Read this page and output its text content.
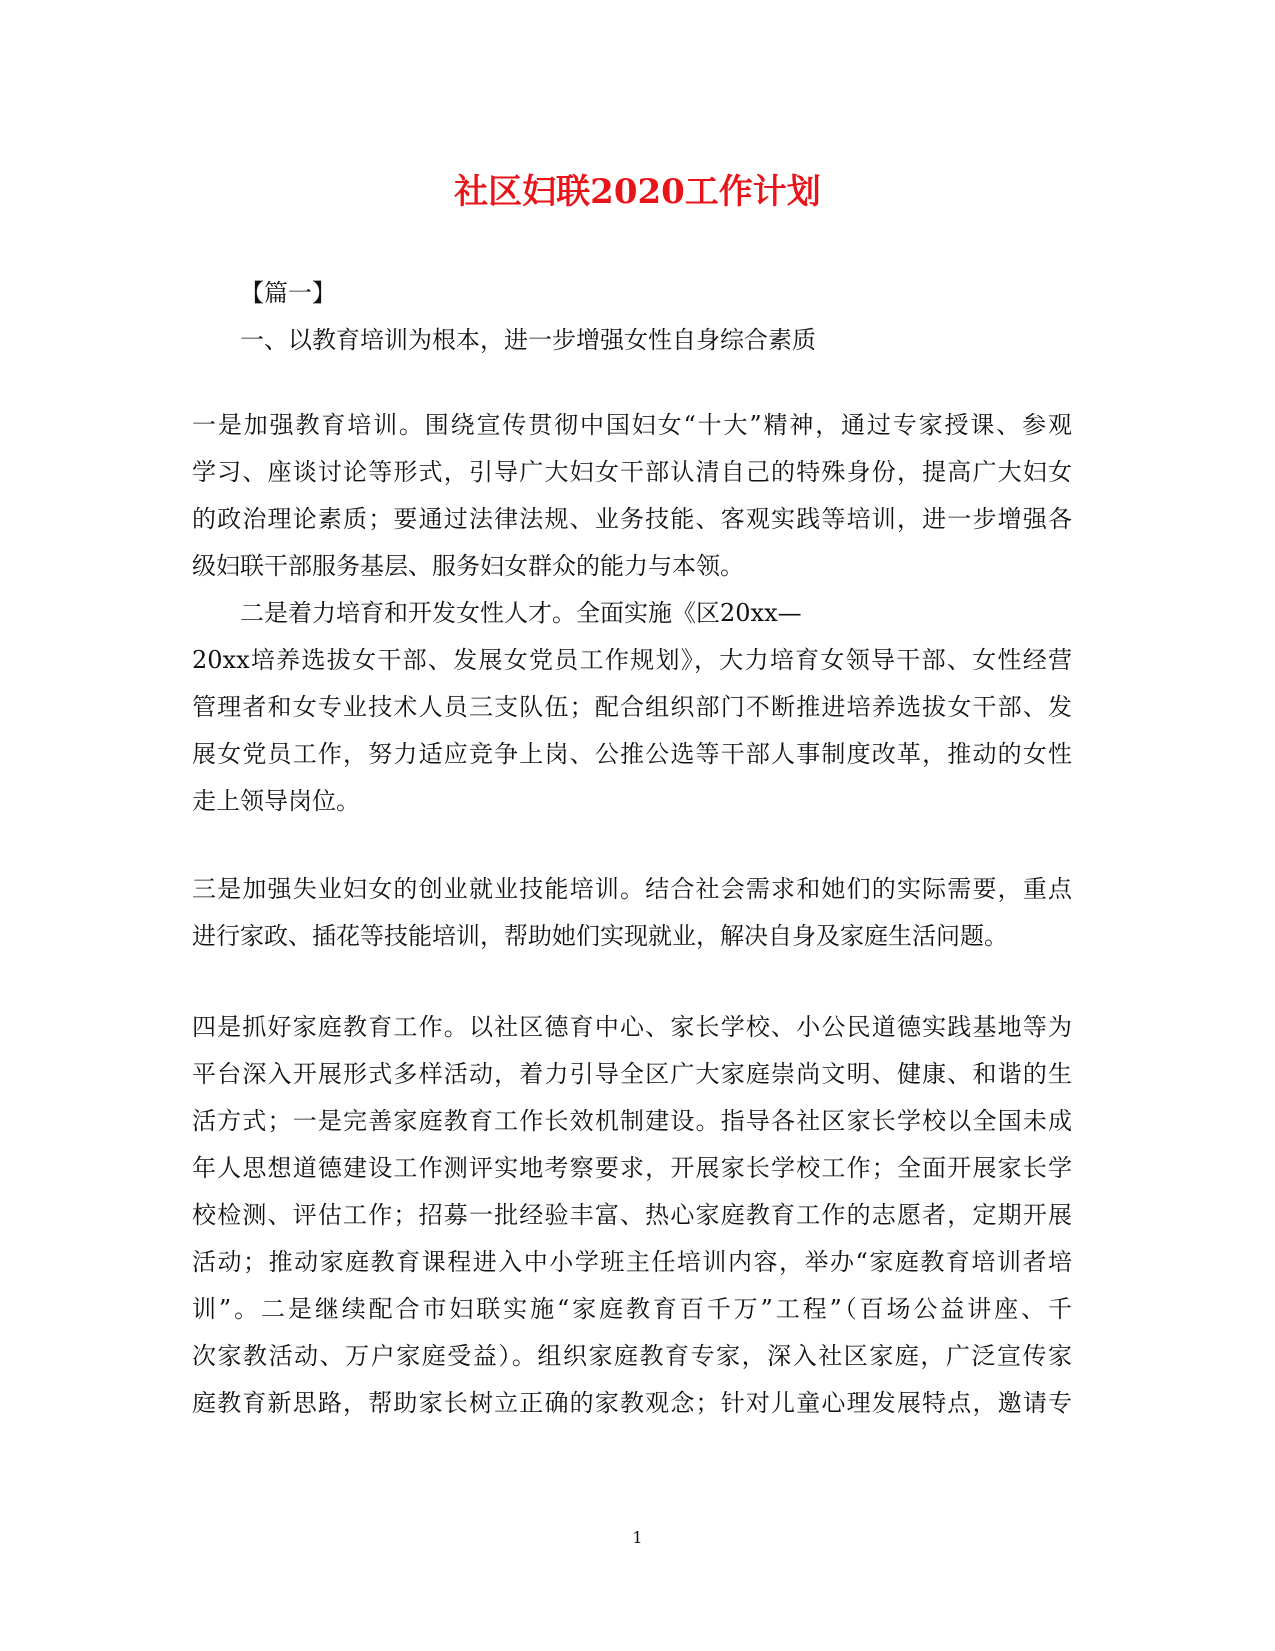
社区妇联2020工作计划
【篇一】
一、以教育培训为根本，进一步增强女性自身综合素质
一是加强教育培训。围绕宣传贯彻中国妇女“十大”精神，通过专家授课、参观
学习、座谈讨论等形式，引导广大妇女干部认清自己的特殊身份，提高广大妇女
的政治理论素质；要通过法律法规、业务技能、客观实践等培训，进一步增强各
级妇联干部服务基层、服务妇女群众的能力与本领。
二是着力培育和开发女性人才。全面实施《区20xx—
20xx培养选拔女干部、发展女党员工作规划》，大力培育女领导干部、女性经营
管理者和女专业技术人员三支队伍；配合组织部门不断推进培养选拔女干部、发
展女党员工作，努力适应竞争上岗、公推公选等干部人事制度改革，推动的女性
走上领导岗位。
三是加强失业妇女的创业就业技能培训。结合社会需求和她们的实际需要，重点
进行家政、插花等技能培训，帮助她们实现就业，解决自身及家庭生活问题。
四是抓好家庭教育工作。以社区德育中心、家长学校、小公民道德实践基地等为
平台深入开展形式多样活动，着力引导全区广大家庭崇尚文明、健康、和谐的生
活方式；一是完善家庭教育工作长效机制建设。指导各社区家长学校以全国未成
年人思想道德建设工作测评实地考察要求，开展家长学校工作；全面开展家长学
校检测、评估工作；招募一批经验丰富、热心家庭教育工作的志愿者，定期开展
活动；推动家庭教育课程进入中小学班主任培训内容，举办“家庭教育培训者培
训”。二是继续配合市妇联实施“家庭教育百千万”工程”（百场公益讲座、千
次家教活动、万户家庭受益）。组织家庭教育专家，深入社区家庭，广泛宣传家
庭教育新思路，帮助家长树立正确的家教观念；针对儿童心理发展特点，邀请专
1
